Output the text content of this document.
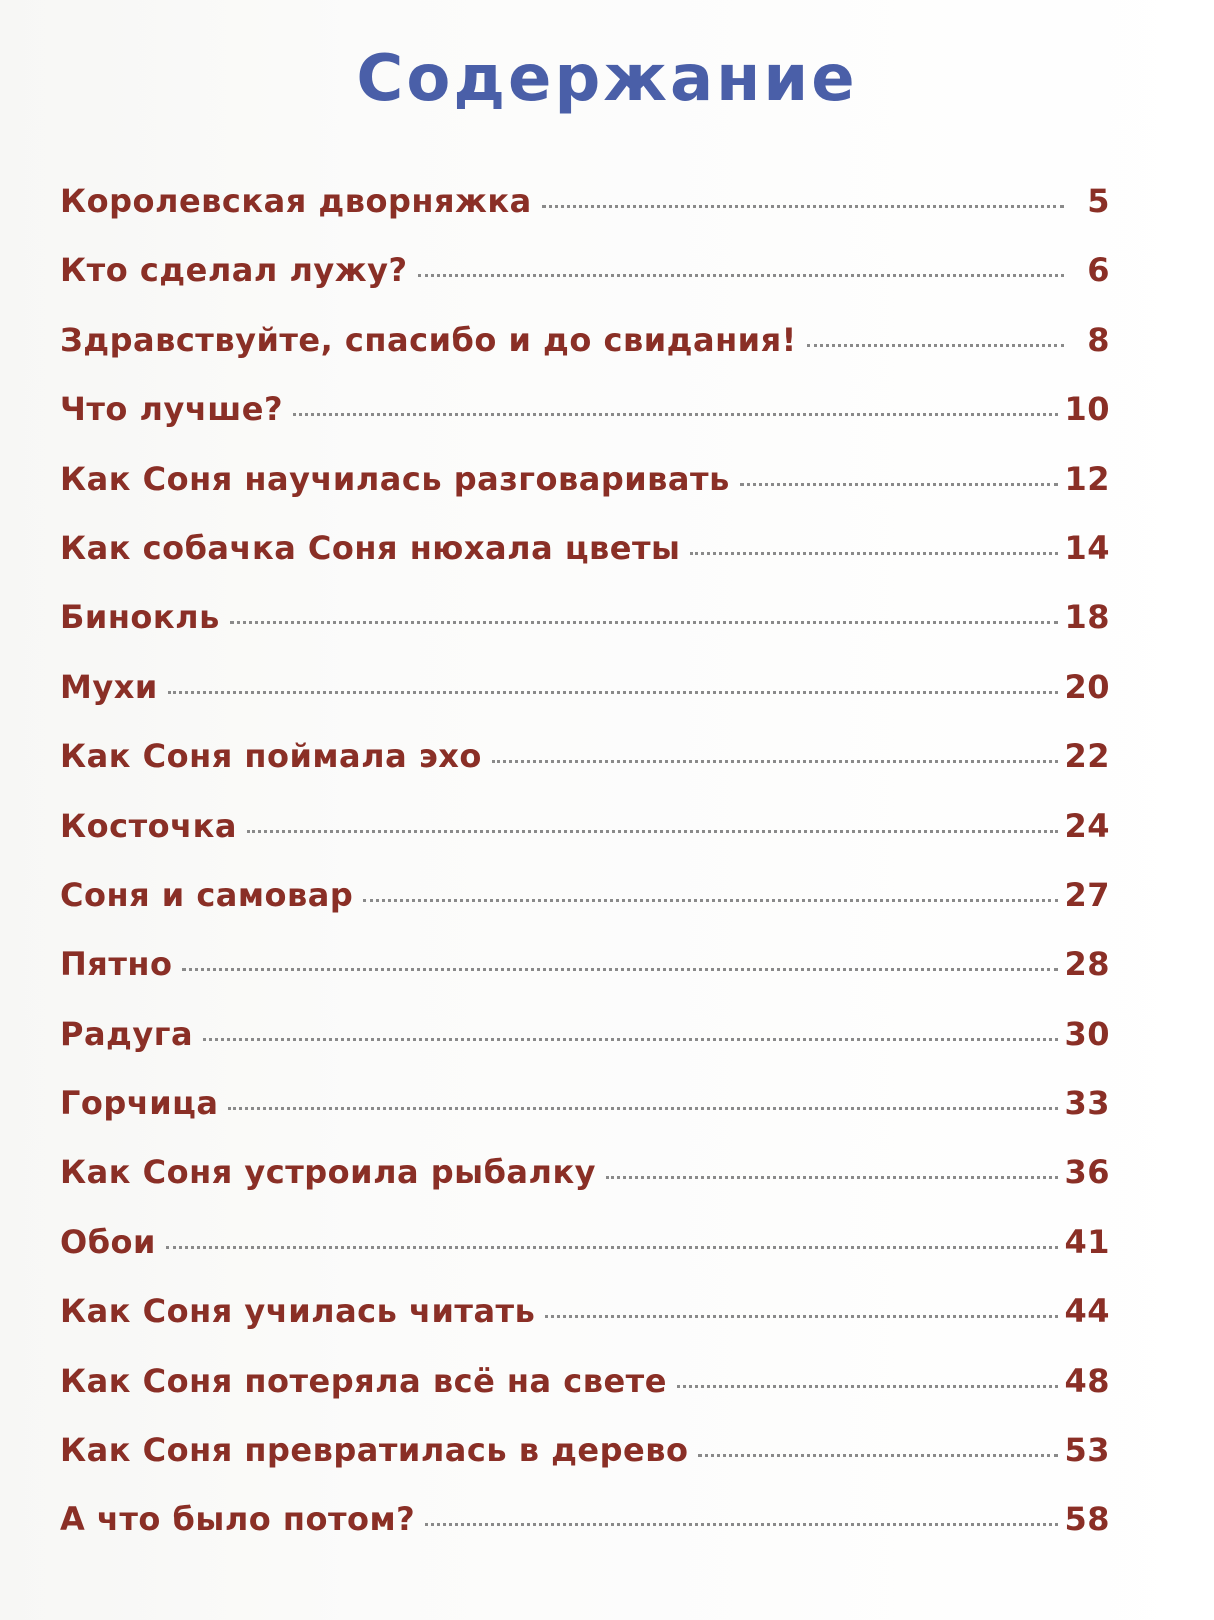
Содержание
Королевская дворняжка	5
Кто сделал лужу?	6
Здравствуйте, спасибо и до свидания!	8
Что лучше?	10
Как Соня научилась разговаривать	12
Как собачка Соня нюхала цветы	14
Бинокль	18
Мухи	20
Как Соня поймала эхо	22
Косточка	24
Соня и самовар	27
Пятно	28
Радуга	30
Горчица	33
Как Соня устроила рыбалку	36
Обои	41
Как Соня училась читать	44
Как Соня потеряла всё на свете	48
Как Соня превратилась в дерево	53
А что было потом?	58
